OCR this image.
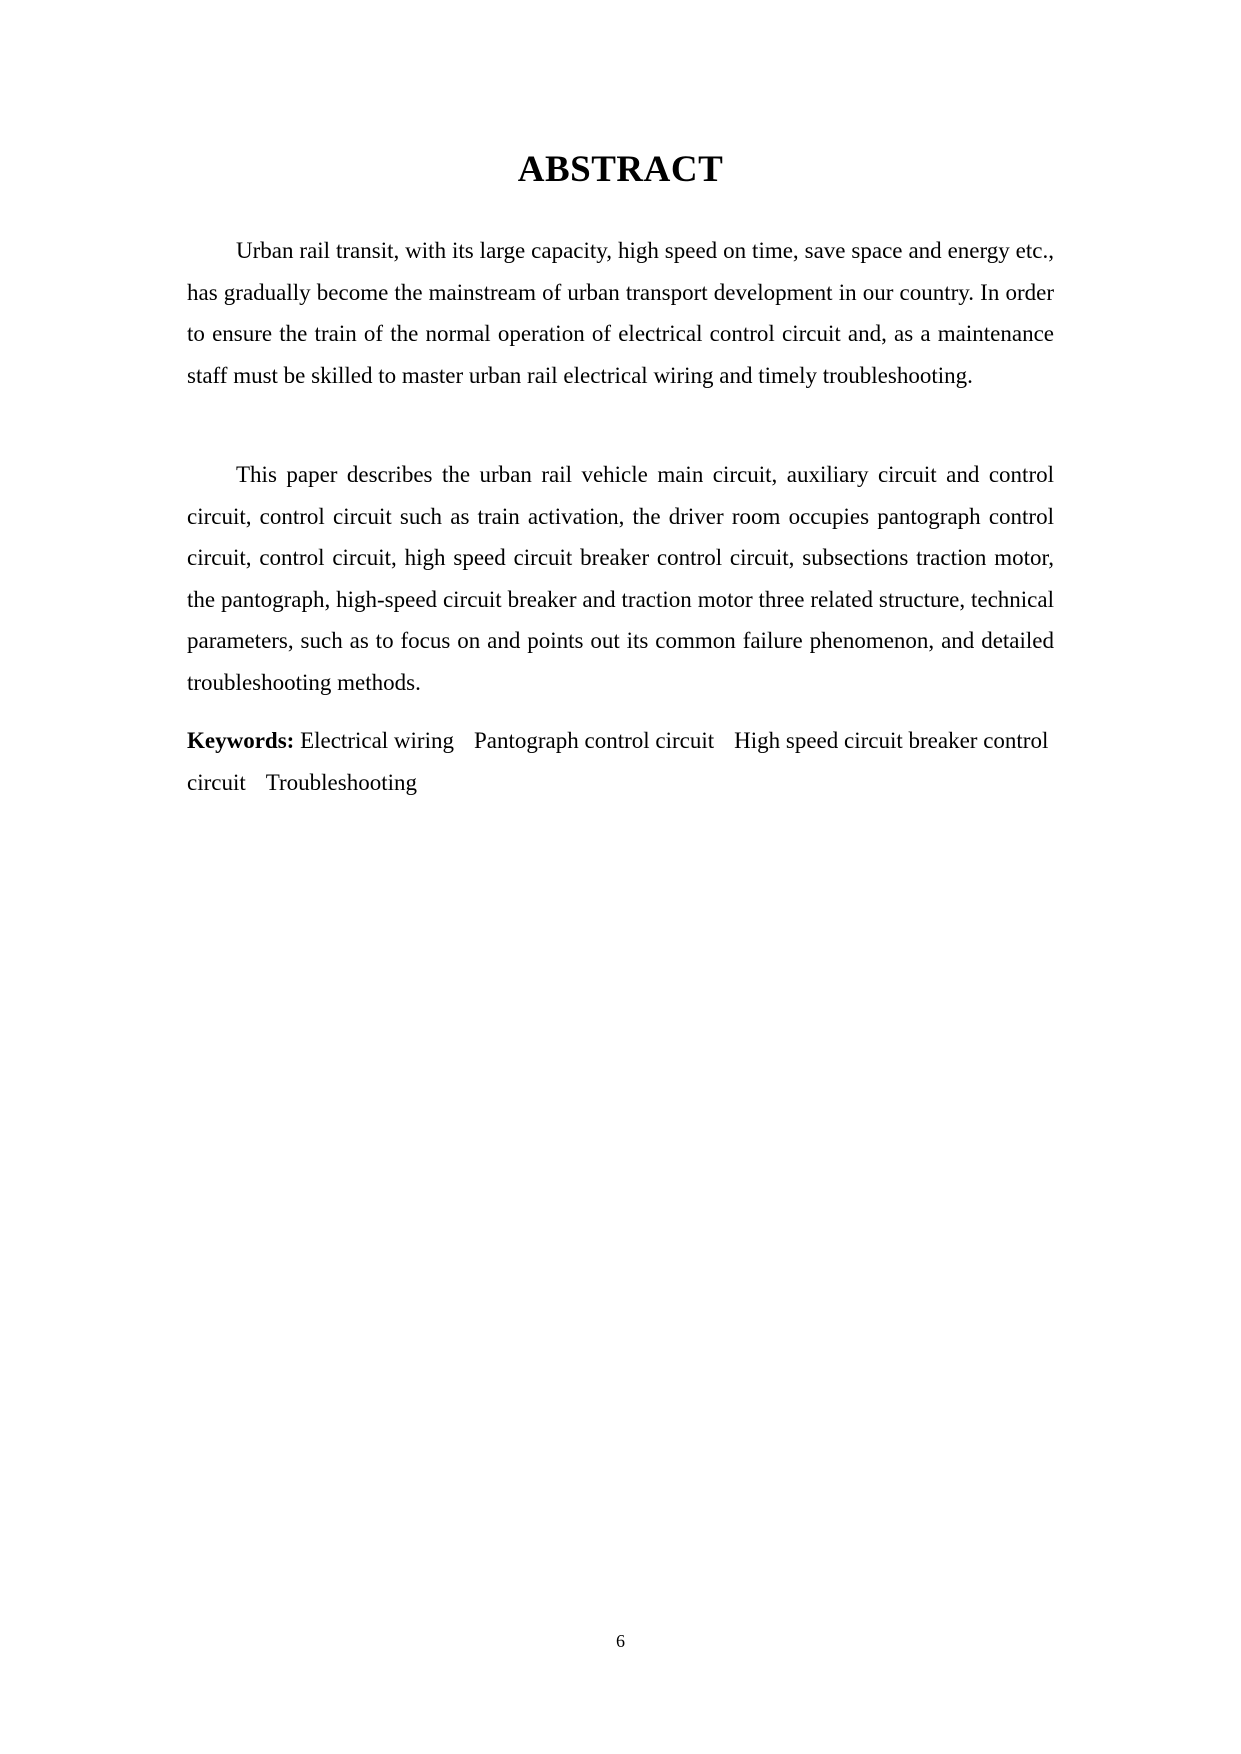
ABSTRACT

Urban rail transit, with its large capacity, high speed on time, save space and energy etc., has gradually become the mainstream of urban transport development in our country. In order to ensure the train of the normal operation of electrical control circuit and, as a maintenance staff must be skilled to master urban rail electrical wiring and timely troubleshooting.

This paper describes the urban rail vehicle main circuit, auxiliary circuit and control circuit, control circuit such as train activation, the driver room occupies pantograph control circuit, control circuit, high speed circuit breaker control circuit, subsections traction motor, the pantograph, high-speed circuit breaker and traction motor three related structure, technical parameters, such as to focus on and points out its common failure phenomenon, and detailed troubleshooting methods.

Keywords: Electrical wiring Pantograph control circuit High speed circuit breaker control circuit Troubleshooting

6
